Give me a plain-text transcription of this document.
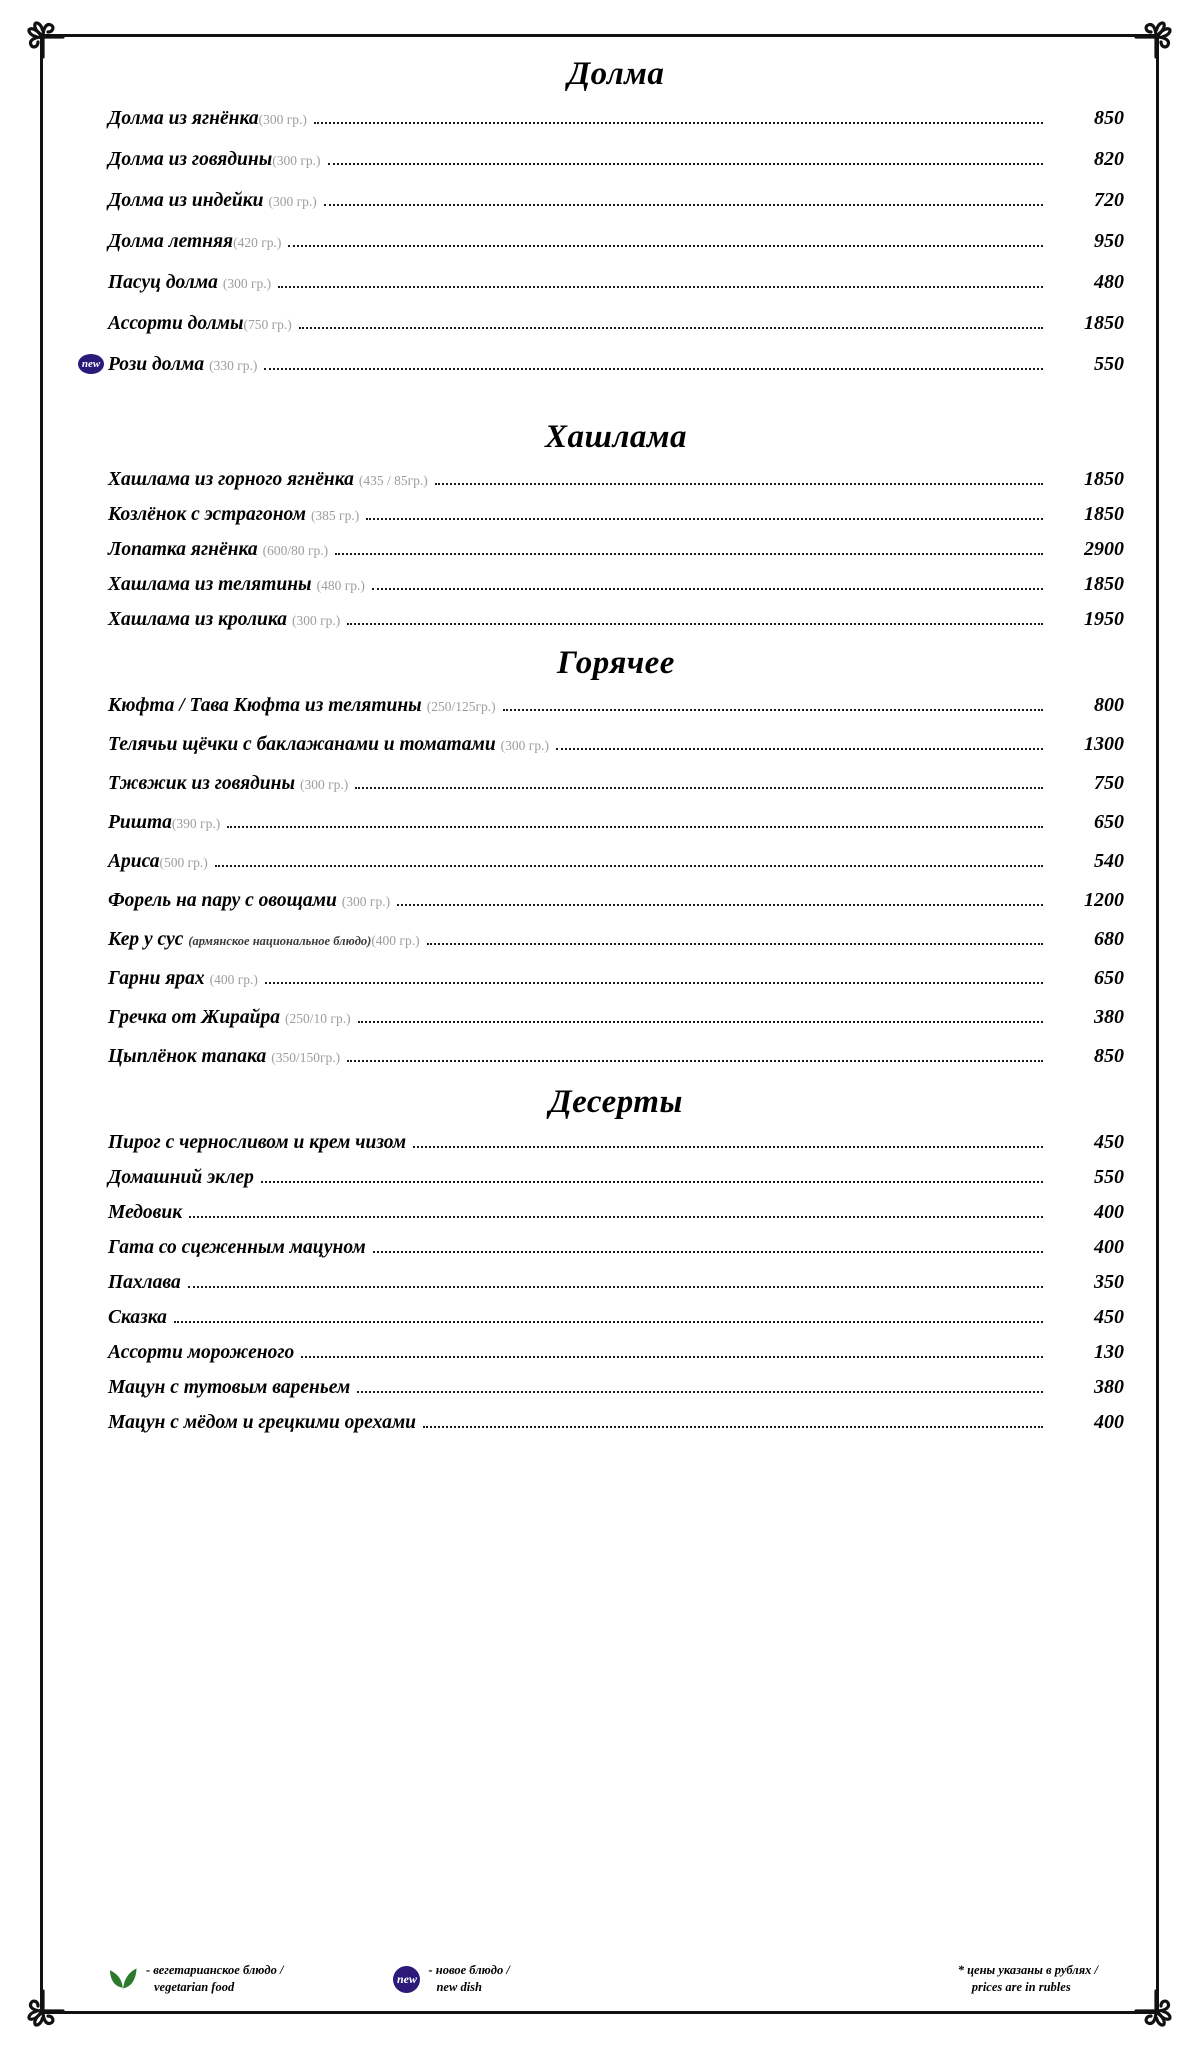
Долма
Долма из ягнёнка (300 гр.)	850
Долма из говядины (300 гр.)	820
Долма из индейки (300 гр.)	720
Долма летняя (420 гр.)	950
Пасуц долма (300 гр.)	480
Ассорти долмы (750 гр.)	1850
new Рози долма (330 гр.)	550
Хашлама
Хашлама из горного ягнёнка (435 / 85гр.)	1850
Козлёнок с эстрагоном (385 гр.)	1850
Лопатка ягнёнка (600/80 гр.)	2900
Хашлама из телятины (480 гр.)	1850
Хашлама из кролика (300 гр.)	1950
Горячее
Кюфта / Тава Кюфта из телятины (250/125гр.)	800
Телячьи щёчки с баклажанами и томатами (300 гр.)	1300
Тжвжик из говядины (300 гр.)	750
Ришта (390 гр.)	650
Ариса (500 гр.)	540
Форель на пару с овощами (300 гр.)	1200
Кер у сус (армянское национальное блюдо) (400 гр.)	680
Гарни ярах (400 гр.)	650
Гречка от Жирайра (250/10 гр.)	380
Цыплёнок тапака (350/150гр.)	850
Десерты
Пирог с черносливом и крем чизом	450
Домашний эклер	550
Медовик	400
Гата со сцеженным мацуном	400
Пахлава	350
Сказка	450
Ассорти мороженого	130
Мацун с тутовым вареньем	380
Мацун с мёдом и грецкими орехами	400
- вегетарианское блюдо /
vegetarian food
new
- новое блюдо /
new dish
* цены указаны в рублях /
prices are in rubles
